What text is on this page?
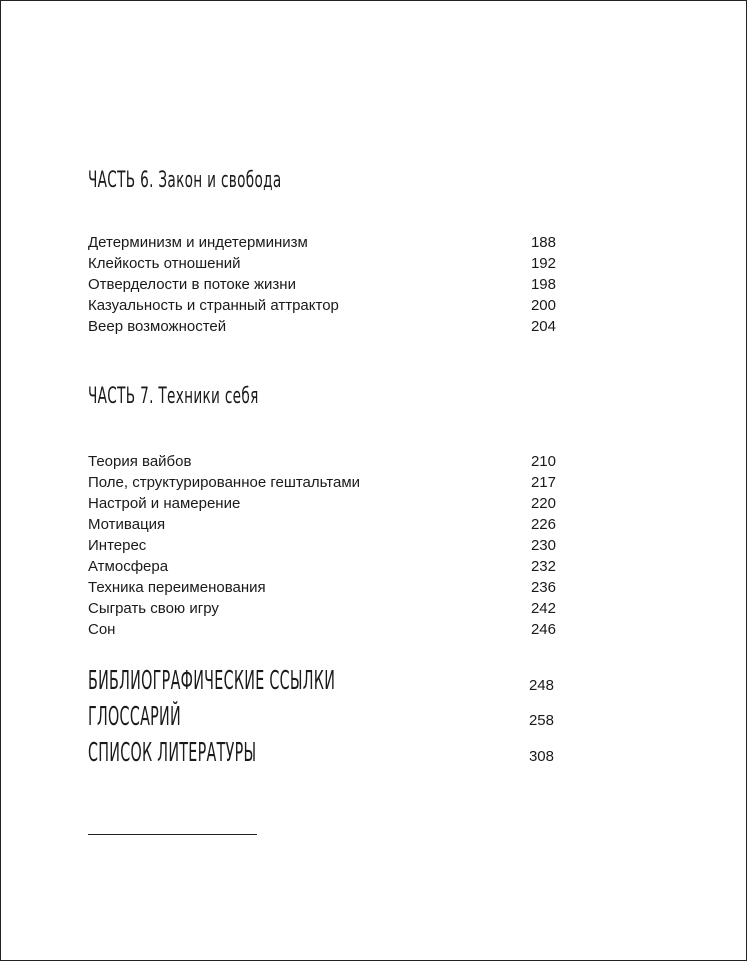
ЧАСТЬ 6. Закон и свобода
Детерминизм и индетерминизм	188
Клейкость отношений	192
Отверделости в потоке жизни	198
Казуальность и странный аттрактор	200
Веер возможностей	204
ЧАСТЬ 7. Техники себя
Теория вайбов	210
Поле, структурированное гештальтами	217
Настрой и намерение	220
Мотивация	226
Интерес	230
Атмосфера	232
Техника переименования	236
Сыграть свою игру	242
Сон	246
БИБЛИОГРАФИЧЕСКИЕ ССЫЛКИ	248
ГЛОССАРИЙ	258
СПИСОК ЛИТЕРАТУРЫ	308
